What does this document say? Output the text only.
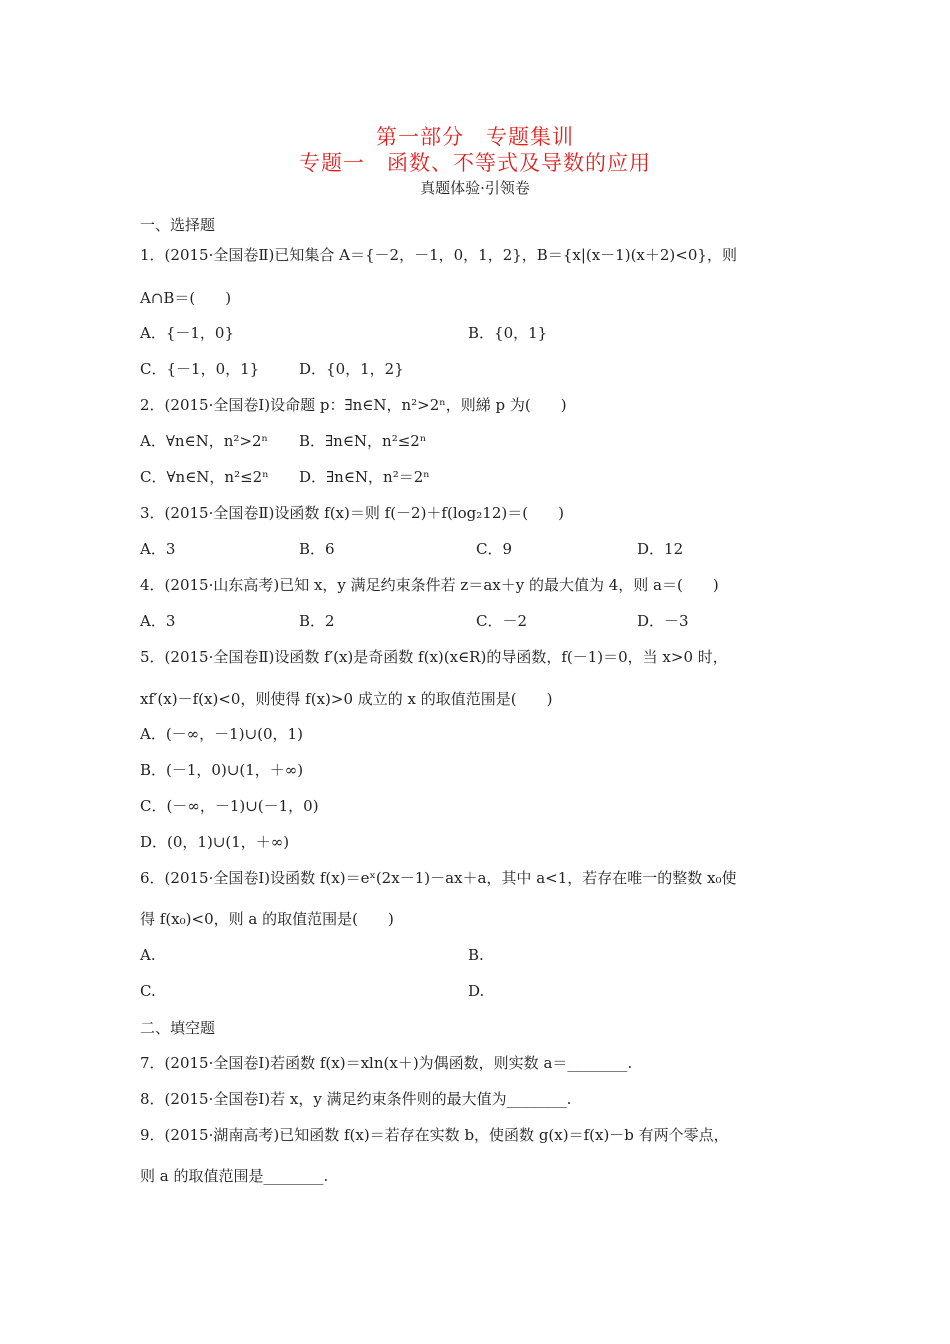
第一部分　专题集训
专题一　函数、不等式及导数的应用
真题体验·引领卷
一、选择题
1．(2015·全国卷Ⅱ)已知集合 A＝{－2，－1，0，1，2}，B＝{x|(x－1)(x＋2)<0}，则
A∩B＝(　　)
A．{－1，0}	B．{0，1}
C．{－1，0，1}	D．{0，1，2}
2．(2015·全国卷Ⅰ)设命题 p：∃n∈N，n²>2ⁿ，则綈 p 为(　　)
A．∀n∈N，n²>2ⁿ B．∃n∈N，n²≤2ⁿ
C．∀n∈N，n²≤2ⁿ D．∃n∈N，n²＝2ⁿ
3．(2015·全国卷Ⅱ)设函数 f(x)＝则 f(－2)＋f(log₂12)＝(　　)
A．3	B．6	C．9	D．12
4．(2015·山东高考)已知 x，y 满足约束条件若 z＝ax＋y 的最大值为 4，则 a＝(　　)
A．3	B．2	C．－2	D．－3
5．(2015·全国卷Ⅱ)设函数 f′(x)是奇函数 f(x)(x∈R)的导函数，f(－1)＝0，当 x>0 时，
xf′(x)－f(x)<0，则使得 f(x)>0 成立的 x 的取值范围是(　　)
A．(－∞，－1)∪(0，1)
B．(－1，0)∪(1，＋∞)
C．(－∞，－1)∪(－1，0)
D．(0，1)∪(1，＋∞)
6．(2015·全国卷Ⅰ)设函数 f(x)＝eˣ(2x－1)－ax＋a，其中 a<1，若存在唯一的整数 x₀使
得 f(x₀)<0，则 a 的取值范围是(　　)
A.	B.
C.	D.
二、填空题
7．(2015·全国卷Ⅰ)若函数 f(x)＝xln(x＋)为偶函数，则实数 a＝________.
8．(2015·全国卷Ⅰ)若 x，y 满足约束条件则的最大值为________.
9．(2015·湖南高考)已知函数 f(x)＝若存在实数 b，使函数 g(x)＝f(x)－b 有两个零点，
则 a 的取值范围是________.
